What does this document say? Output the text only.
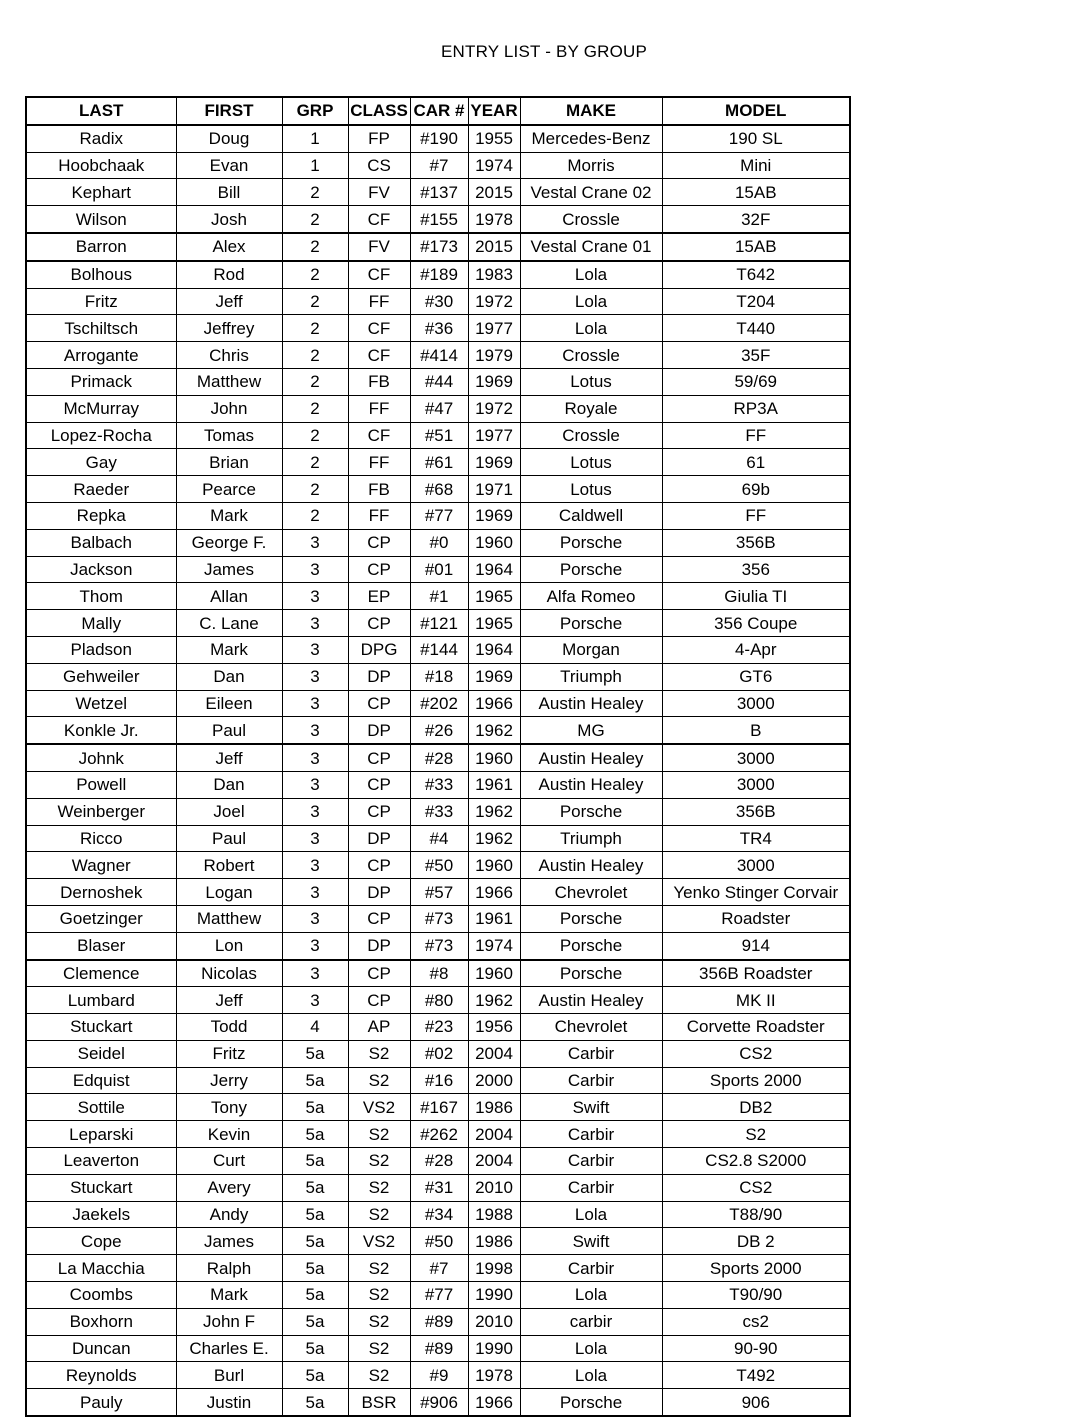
ENTRY LIST - BY GROUP
LAST	FIRST	GRP	CLASS	CAR #	YEAR	MAKE	MODEL
Radix	Doug	1	FP	#190	1955	Mercedes-Benz	190 SL
Hoobchaak	Evan	1	CS	#7	1974	Morris	Mini
Kephart	Bill	2	FV	#137	2015	Vestal Crane 02	15AB
Wilson	Josh	2	CF	#155	1978	Crossle	32F
Barron	Alex	2	FV	#173	2015	Vestal Crane 01	15AB
Bolhous	Rod	2	CF	#189	1983	Lola	T642
Fritz	Jeff	2	FF	#30	1972	Lola	T204
Tschiltsch	Jeffrey	2	CF	#36	1977	Lola	T440
Arrogante	Chris	2	CF	#414	1979	Crossle	35F
Primack	Matthew	2	FB	#44	1969	Lotus	59/69
McMurray	John	2	FF	#47	1972	Royale	RP3A
Lopez-Rocha	Tomas	2	CF	#51	1977	Crossle	FF
Gay	Brian	2	FF	#61	1969	Lotus	61
Raeder	Pearce	2	FB	#68	1971	Lotus	69b
Repka	Mark	2	FF	#77	1969	Caldwell	FF
Balbach	George F.	3	CP	#0	1960	Porsche	356B
Jackson	James	3	CP	#01	1964	Porsche	356
Thom	Allan	3	EP	#1	1965	Alfa Romeo	Giulia TI
Mally	C. Lane	3	CP	#121	1965	Porsche	356 Coupe
Pladson	Mark	3	DPG	#144	1964	Morgan	4-Apr
Gehweiler	Dan	3	DP	#18	1969	Triumph	GT6
Wetzel	Eileen	3	CP	#202	1966	Austin Healey	3000
Konkle Jr.	Paul	3	DP	#26	1962	MG	B
Johnk	Jeff	3	CP	#28	1960	Austin Healey	3000
Powell	Dan	3	CP	#33	1961	Austin Healey	3000
Weinberger	Joel	3	CP	#33	1962	Porsche	356B
Ricco	Paul	3	DP	#4	1962	Triumph	TR4
Wagner	Robert	3	CP	#50	1960	Austin Healey	3000
Dernoshek	Logan	3	DP	#57	1966	Chevrolet	Yenko Stinger Corvair
Goetzinger	Matthew	3	CP	#73	1961	Porsche	Roadster
Blaser	Lon	3	DP	#73	1974	Porsche	914
Clemence	Nicolas	3	CP	#8	1960	Porsche	356B Roadster
Lumbard	Jeff	3	CP	#80	1962	Austin Healey	MK II
Stuckart	Todd	4	AP	#23	1956	Chevrolet	Corvette Roadster
Seidel	Fritz	5a	S2	#02	2004	Carbir	CS2
Edquist	Jerry	5a	S2	#16	2000	Carbir	Sports 2000
Sottile	Tony	5a	VS2	#167	1986	Swift	DB2
Leparski	Kevin	5a	S2	#262	2004	Carbir	S2
Leaverton	Curt	5a	S2	#28	2004	Carbir	CS2.8 S2000
Stuckart	Avery	5a	S2	#31	2010	Carbir	CS2
Jaekels	Andy	5a	S2	#34	1988	Lola	T88/90
Cope	James	5a	VS2	#50	1986	Swift	DB 2
La Macchia	Ralph	5a	S2	#7	1998	Carbir	Sports 2000
Coombs	Mark	5a	S2	#77	1990	Lola	T90/90
Boxhorn	John F	5a	S2	#89	2010	carbir	cs2
Duncan	Charles E.	5a	S2	#89	1990	Lola	90-90
Reynolds	Burl	5a	S2	#9	1978	Lola	T492
Pauly	Justin	5a	BSR	#906	1966	Porsche	906
